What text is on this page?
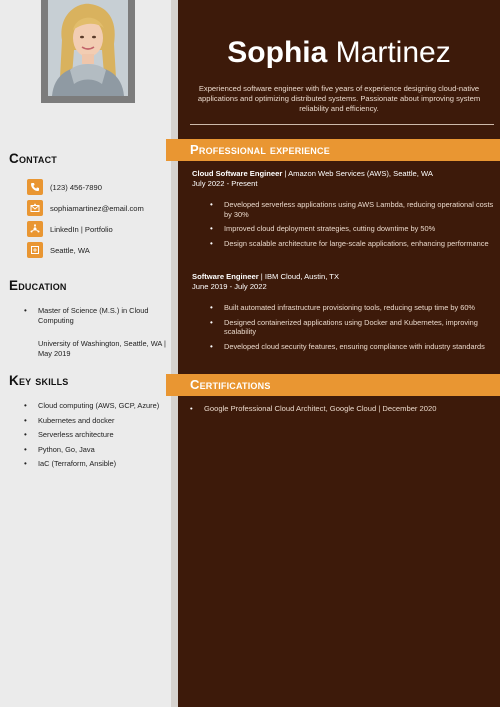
Sophia Martinez
Experienced software engineer with five years of experience designing cloud-native applications and optimizing distributed systems. Passionate about improving system reliability and efficiency.
Contact
(123) 456-7890
sophiamartinez@email.com
LinkedIn | Portfolio
Seattle, WA
Education
• Master of Science (M.S.) in Cloud Computing
University of Washington, Seattle, WA | May 2019
Key skills
• Cloud computing (AWS, GCP, Azure)
• Kubernetes and docker
• Serverless architecture
• Python, Go, Java
• IaC (Terraform, Ansible)
Professional experience
Cloud Software Engineer | Amazon Web Services (AWS), Seattle, WA
July 2022 - Present
• Developed serverless applications using AWS Lambda, reducing operational costs by 30%
• Improved cloud deployment strategies, cutting downtime by 50%
• Design scalable architecture for large-scale applications, enhancing performance
Software Engineer | IBM Cloud, Austin, TX
June 2019 - July 2022
• Built automated infrastructure provisioning tools, reducing setup time by 60%
• Designed containerized applications using Docker and Kubernetes, improving scalability
• Developed cloud security features, ensuring compliance with industry standards
Certifications
• Google Professional Cloud Architect, Google Cloud | December 2020
